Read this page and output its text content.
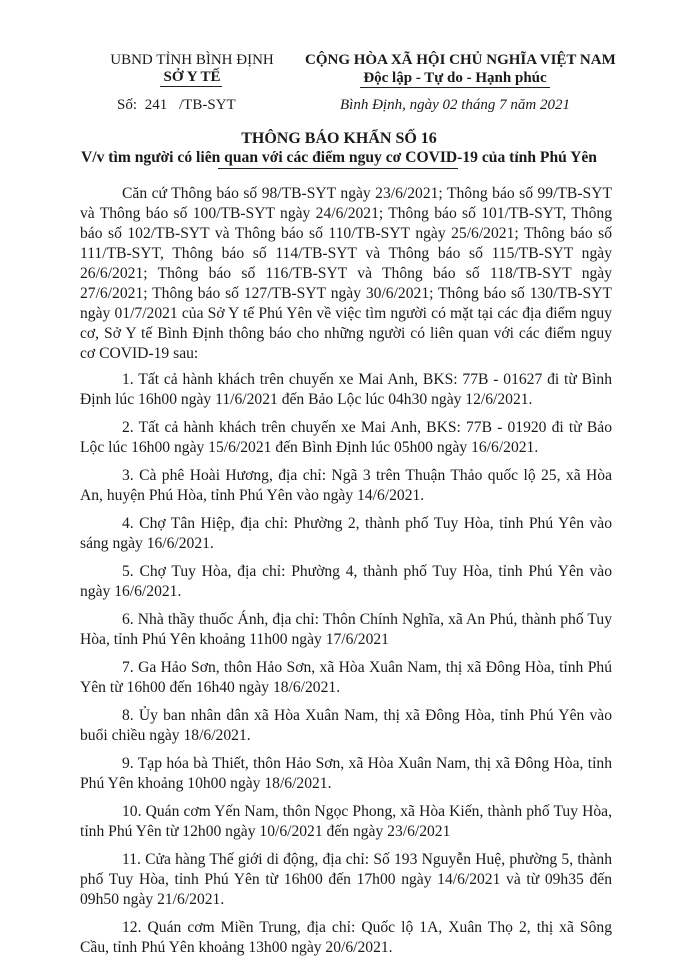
UBND TỈNH BÌNH ĐỊNH
SỞ Y TẾ
Số: 241 /TB-SYT
CỘNG HÒA XÃ HỘI CHỦ NGHĨA VIỆT NAM
Độc lập - Tự do - Hạnh phúc
Bình Định, ngày 02 tháng 7 năm 2021
THÔNG BÁO KHẨN SỐ 16
V/v tìm người có liên quan với các điểm nguy cơ COVID-19 của tỉnh Phú Yên

Căn cứ Thông báo số 98/TB-SYT ngày 23/6/2021; Thông báo số 99/TB-SYT và Thông báo số 100/TB-SYT ngày 24/6/2021; Thông báo số 101/TB-SYT, Thông báo số 102/TB-SYT và Thông báo số 110/TB-SYT ngày 25/6/2021; Thông báo số 111/TB-SYT, Thông báo số 114/TB-SYT và Thông báo số 115/TB-SYT ngày 26/6/2021; Thông báo số 116/TB-SYT và Thông báo số 118/TB-SYT ngày 27/6/2021; Thông báo số 127/TB-SYT ngày 30/6/2021; Thông báo số 130/TB-SYT ngày 01/7/2021 của Sở Y tế Phú Yên về việc tìm người có mặt tại các địa điểm nguy cơ, Sở Y tế Bình Định thông báo cho những người có liên quan với các điểm nguy cơ COVID-19 sau:

1. Tất cả hành khách trên chuyến xe Mai Anh, BKS: 77B - 01627 đi từ Bình Định lúc 16h00 ngày 11/6/2021 đến Bảo Lộc lúc 04h30 ngày 12/6/2021.

2. Tất cả hành khách trên chuyến xe Mai Anh, BKS: 77B - 01920 đi từ Bảo Lộc lúc 16h00 ngày 15/6/2021 đến Bình Định lúc 05h00 ngày 16/6/2021.

3. Cà phê Hoài Hương, địa chỉ: Ngã 3 trên Thuận Thảo quốc lộ 25, xã Hòa An, huyện Phú Hòa, tỉnh Phú Yên vào ngày 14/6/2021.

4. Chợ Tân Hiệp, địa chỉ: Phường 2, thành phố Tuy Hòa, tỉnh Phú Yên vào sáng ngày 16/6/2021.

5. Chợ Tuy Hòa, địa chỉ: Phường 4, thành phố Tuy Hòa, tỉnh Phú Yên vào ngày 16/6/2021.

6. Nhà thầy thuốc Ánh, địa chỉ: Thôn Chính Nghĩa, xã An Phú, thành phố Tuy Hòa, tỉnh Phú Yên khoảng 11h00 ngày 17/6/2021

7. Ga Hảo Sơn, thôn Hảo Sơn, xã Hòa Xuân Nam, thị xã Đông Hòa, tỉnh Phú Yên từ 16h00 đến 16h40 ngày 18/6/2021.

8. Ủy ban nhân dân xã Hòa Xuân Nam, thị xã Đông Hòa, tỉnh Phú Yên vào buổi chiều ngày 18/6/2021.

9. Tạp hóa bà Thiết, thôn Hảo Sơn, xã Hòa Xuân Nam, thị xã Đông Hòa, tỉnh Phú Yên khoảng 10h00 ngày 18/6/2021.

10. Quán cơm Yến Nam, thôn Ngọc Phong, xã Hòa Kiến, thành phố Tuy Hòa, tỉnh Phú Yên từ 12h00 ngày 10/6/2021 đến ngày 23/6/2021

11. Cửa hàng Thế giới di động, địa chỉ: Số 193 Nguyễn Huệ, phường 5, thành phố Tuy Hòa, tỉnh Phú Yên từ 16h00 đến 17h00 ngày 14/6/2021 và từ 09h35 đến 09h50 ngày 21/6/2021.

12. Quán cơm Miền Trung, địa chỉ: Quốc lộ 1A, Xuân Thọ 2, thị xã Sông Cầu, tỉnh Phú Yên khoảng 13h00 ngày 20/6/2021.
